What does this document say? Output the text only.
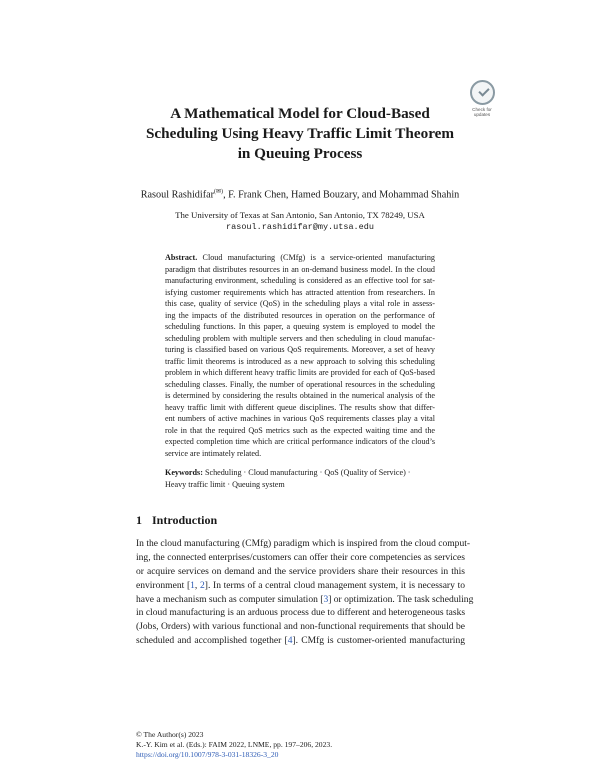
Check for
updates
A Mathematical Model for Cloud-Based
Scheduling Using Heavy Traffic Limit Theorem
in Queuing Process
Rasoul Rashidifar(✉), F. Frank Chen, Hamed Bouzary, and Mohammad Shahin
The University of Texas at San Antonio, San Antonio, TX 78249, USA
rasoul.rashidifar@my.utsa.edu
Abstract. Cloud manufacturing (CMfg) is a service-oriented manufacturing
paradigm that distributes resources in an on-demand business model. In the cloud
manufacturing environment, scheduling is considered as an effective tool for sat-
isfying customer requirements which has attracted attention from researchers. In
this case, quality of service (QoS) in the scheduling plays a vital role in assess-
ing the impacts of the distributed resources in operation on the performance of
scheduling functions. In this paper, a queuing system is employed to model the
scheduling problem with multiple servers and then scheduling in cloud manufac-
turing is classified based on various QoS requirements. Moreover, a set of heavy
traffic limit theorems is introduced as a new approach to solving this scheduling
problem in which different heavy traffic limits are provided for each of QoS-based
scheduling classes. Finally, the number of operational resources in the scheduling
is determined by considering the results obtained in the numerical analysis of the
heavy traffic limit with different queue disciplines. The results show that differ-
ent numbers of active machines in various QoS requirements classes play a vital
role in that the required QoS metrics such as the expected waiting time and the
expected completion time which are critical performance indicators of the cloud’s
service are intimately related.
Keywords: Scheduling · Cloud manufacturing · QoS (Quality of Service) ·
Heavy traffic limit · Queuing system
1 Introduction
In the cloud manufacturing (CMfg) paradigm which is inspired from the cloud comput-
ing, the connected enterprises/customers can offer their core competencies as services
or acquire services on demand and the service providers share their resources in this
environment [1, 2]. In terms of a central cloud management system, it is necessary to
have a mechanism such as computer simulation [3] or optimization. The task scheduling
in cloud manufacturing is an arduous process due to different and heterogeneous tasks
(Jobs, Orders) with various functional and non-functional requirements that should be
scheduled and accomplished together [4]. CMfg is customer-oriented manufacturing
© The Author(s) 2023
K.-Y. Kim et al. (Eds.): FAIM 2022, LNME, pp. 197–206, 2023.
https://doi.org/10.1007/978-3-031-18326-3_20
